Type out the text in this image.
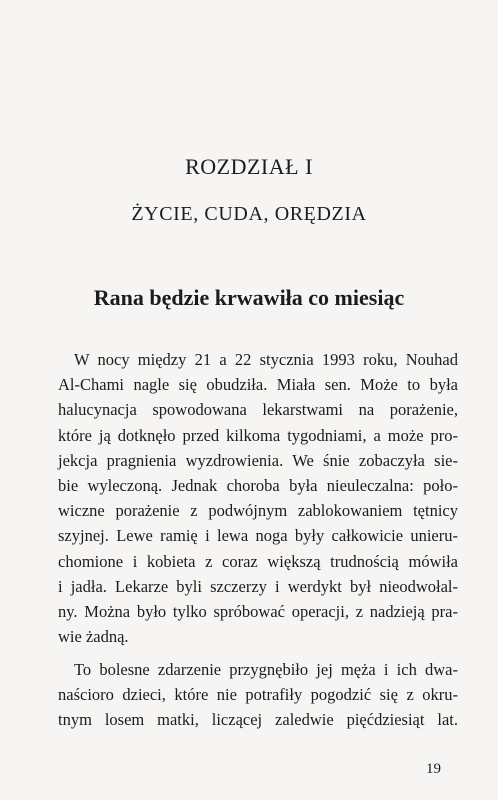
ROZDZIAŁ I
ŻYCIE, CUDA, ORĘDZIA
Rana będzie krwawiła co miesiąc

W nocy między 21 a 22 stycznia 1993 roku, Nouhad
Al-Chami nagle się obudziła. Miała sen. Może to była
halucynacja spowodowana lekarstwami na porażenie,
które ją dotknęło przed kilkoma tygodniami, a może pro-
jekcja pragnienia wyzdrowienia. We śnie zobaczyła sie-
bie wyleczoną. Jednak choroba była nieuleczalna: poło-
wiczne porażenie z podwójnym zablokowaniem tętnicy
szyjnej. Lewe ramię i lewa noga były całkowicie unieru-
chomione i kobieta z coraz większą trudnością mówiła
i jadła. Lekarze byli szczerzy i werdykt był nieodwołal-
ny. Można było tylko spróbować operacji, z nadzieją pra-
wie żadną.

To bolesne zdarzenie przygnębiło jej męża i ich dwa-
naścioro dzieci, które nie potrafiły pogodzić się z okru-
tnym losem matki, liczącej zaledwie pięćdziesiąt lat.

19
